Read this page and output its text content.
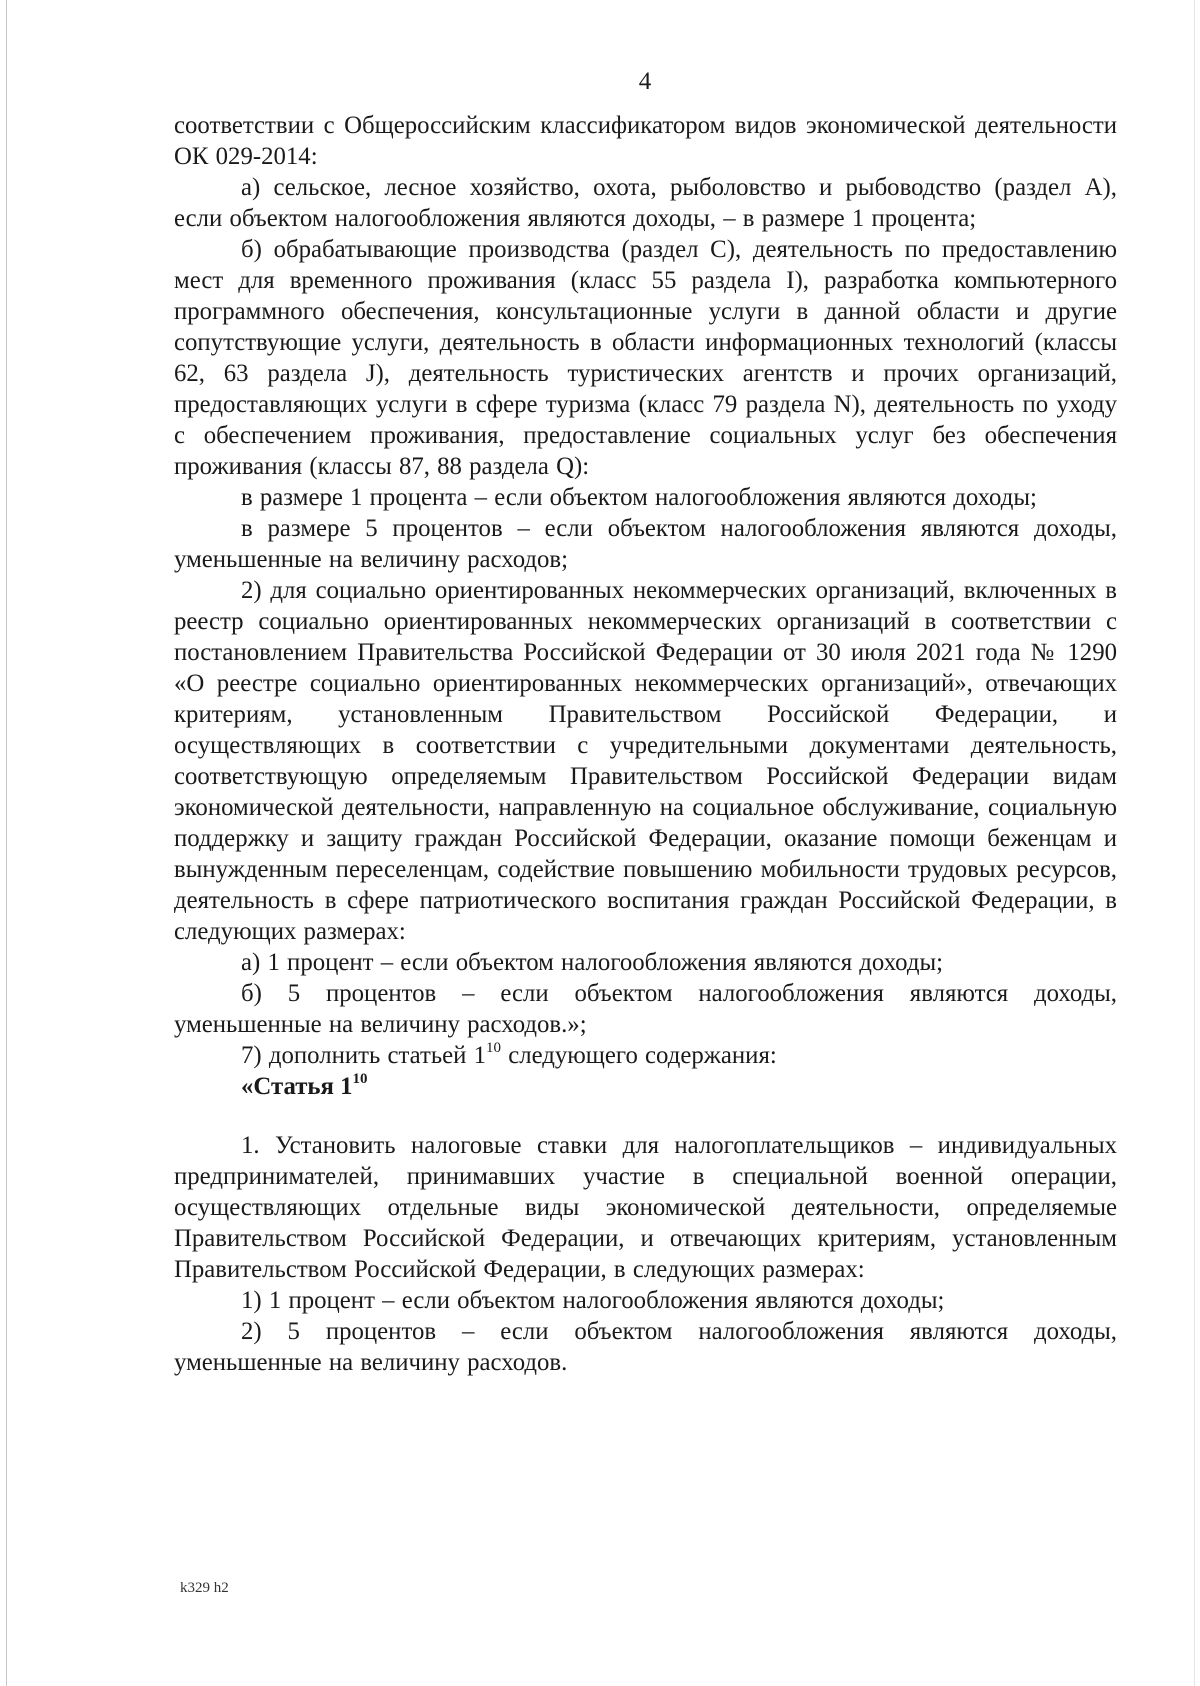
4

соответствии с Общероссийским классификатором видов экономической деятельности ОК 029-2014:

а) сельское, лесное хозяйство, охота, рыболовство и рыбоводство (раздел А), если объектом налогообложения являются доходы, – в размере 1 процента;

б) обрабатывающие производства (раздел С), деятельность по предоставлению мест для временного проживания (класс 55 раздела I), разработка компьютерного программного обеспечения, консультационные услуги в данной области и другие сопутствующие услуги, деятельность в области информационных технологий (классы 62, 63 раздела J), деятельность туристических агентств и прочих организаций, предоставляющих услуги в сфере туризма (класс 79 раздела N), деятельность по уходу с обеспечением проживания, предоставление социальных услуг без обеспечения проживания (классы 87, 88 раздела Q):

в размере 1 процента – если объектом налогообложения являются доходы;

в размере 5 процентов – если объектом налогообложения являются доходы, уменьшенные на величину расходов;

2) для социально ориентированных некоммерческих организаций, включенных в реестр социально ориентированных некоммерческих организаций в соответствии с постановлением Правительства Российской Федерации от 30 июля 2021 года № 1290 «О реестре социально ориентированных некоммерческих организаций», отвечающих критериям, установленным Правительством Российской Федерации, и осуществляющих в соответствии с учредительными документами деятельность, соответствующую определяемым Правительством Российской Федерации видам экономической деятельности, направленную на социальное обслуживание, социальную поддержку и защиту граждан Российской Федерации, оказание помощи беженцам и вынужденным переселенцам, содействие повышению мобильности трудовых ресурсов, деятельность в сфере патриотического воспитания граждан Российской Федерации, в следующих размерах:

а) 1 процент – если объектом налогообложения являются доходы;

б) 5 процентов – если объектом налогообложения являются доходы, уменьшенные на величину расходов.»;

7) дополнить статьей $1^{10}$ следующего содержания:

«Статья $1^{10}$

1. Установить налоговые ставки для налогоплательщиков – индивидуальных предпринимателей, принимавших участие в специальной военной операции, осуществляющих отдельные виды экономической деятельности, определяемые Правительством Российской Федерации, и отвечающих критериям, установленным Правительством Российской Федерации, в следующих размерах:

1) 1 процент – если объектом налогообложения являются доходы;

2) 5 процентов – если объектом налогообложения являются доходы, уменьшенные на величину расходов.

k329 h2
